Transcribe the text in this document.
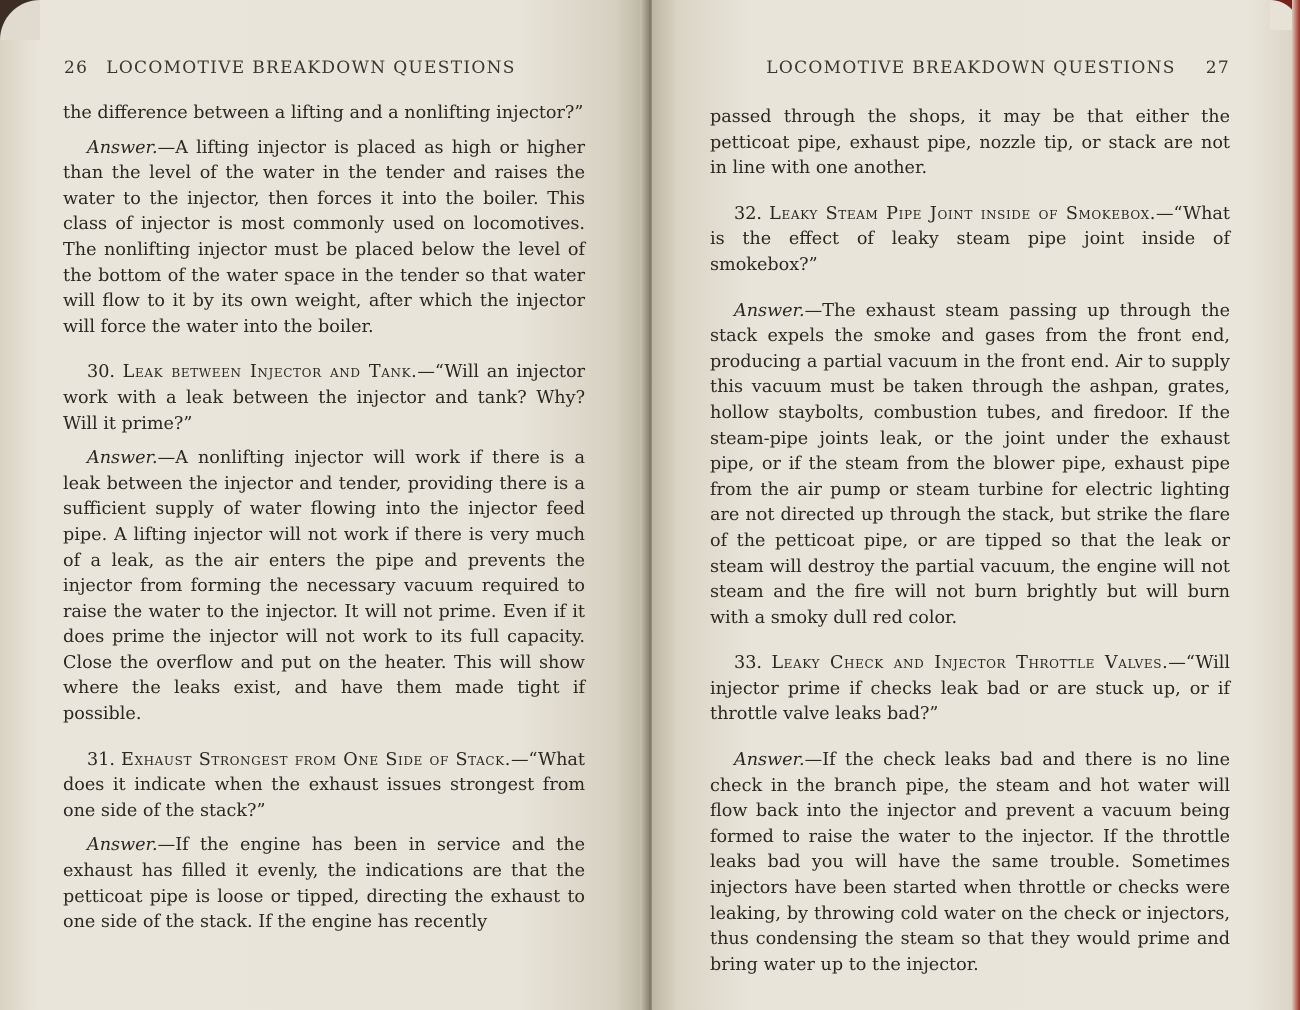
26 LOCOMOTIVE BREAKDOWN QUESTIONS

the difference between a lifting and a nonlifting injector?”

Answer.—A lifting injector is placed as high or higher than the level of the water in the tender and raises the water to the injector, then forces it into the boiler. This class of injector is most commonly used on locomotives. The nonlifting injector must be placed below the level of the bottom of the water space in the tender so that water will flow to it by its own weight, after which the injector will force the water into the boiler.

30. Leak between Injector and Tank.—“Will an injector work with a leak between the injector and tank? Why? Will it prime?”

Answer.—A nonlifting injector will work if there is a leak between the injector and tender, providing there is a sufficient supply of water flowing into the injector feed pipe. A lifting injector will not work if there is very much of a leak, as the air enters the pipe and prevents the injector from forming the necessary vacuum required to raise the water to the injector. It will not prime. Even if it does prime the injector will not work to its full capacity. Close the overflow and put on the heater. This will show where the leaks exist, and have them made tight if possible.

31. Exhaust Strongest from One Side of Stack.—“What does it indicate when the exhaust issues strongest from one side of the stack?”

Answer.—If the engine has been in service and the exhaust has filled it evenly, the indications are that the petticoat pipe is loose or tipped, directing the exhaust to one side of the stack. If the engine has recently

LOCOMOTIVE BREAKDOWN QUESTIONS 27

passed through the shops, it may be that either the petticoat pipe, exhaust pipe, nozzle tip, or stack are not in line with one another.

32. Leaky Steam Pipe Joint inside of Smokebox.—“What is the effect of leaky steam pipe joint inside of smokebox?”

Answer.—The exhaust steam passing up through the stack expels the smoke and gases from the front end, producing a partial vacuum in the front end. Air to supply this vacuum must be taken through the ashpan, grates, hollow staybolts, combustion tubes, and firedoor. If the steam-pipe joints leak, or the joint under the exhaust pipe, or if the steam from the blower pipe, exhaust pipe from the air pump or steam turbine for electric lighting are not directed up through the stack, but strike the flare of the petticoat pipe, or are tipped so that the leak or steam will destroy the partial vacuum, the engine will not steam and the fire will not burn brightly but will burn with a smoky dull red color.

33. Leaky Check and Injector Throttle Valves.—“Will injector prime if checks leak bad or are stuck up, or if throttle valve leaks bad?”

Answer.—If the check leaks bad and there is no line check in the branch pipe, the steam and hot water will flow back into the injector and prevent a vacuum being formed to raise the water to the injector. If the throttle leaks bad you will have the same trouble. Sometimes injectors have been started when throttle or checks were leaking, by throwing cold water on the check or injectors, thus condensing the steam so that they would prime and bring water up to the injector.
